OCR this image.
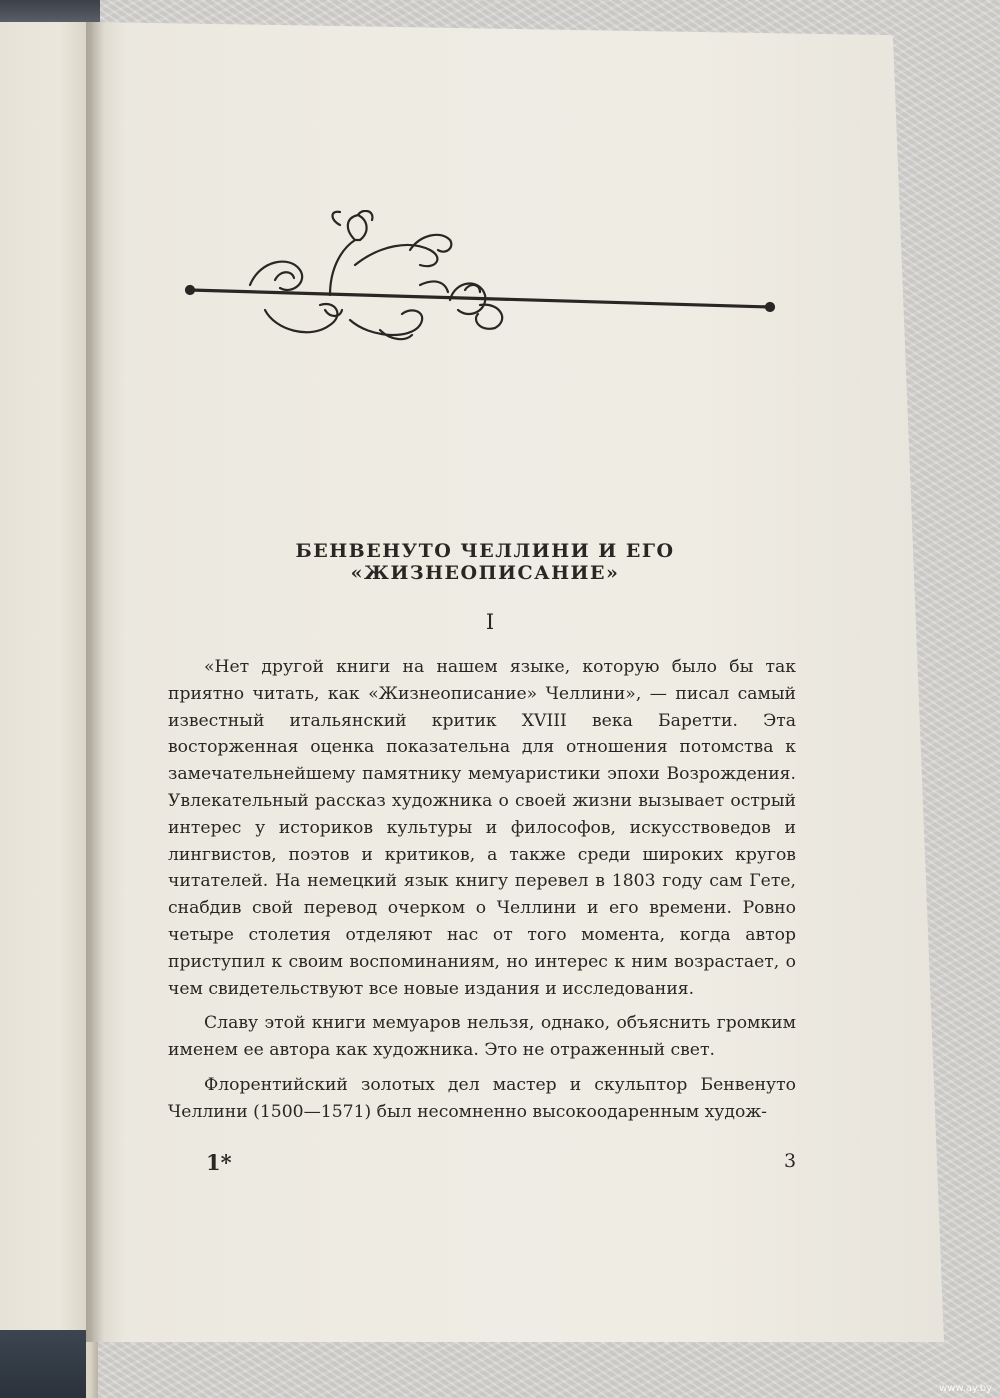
БЕНВЕНУТО ЧЕЛЛИНИ И ЕГО «ЖИЗНЕОПИСАНИЕ»
I

«Нет другой книги на нашем языке, которую было бы так приятно читать, как «Жизнеописание» Челлини», — писал самый известный итальянский критик XVIII века Баретти. Эта восторженная оценка показательна для отношения потомства к замечательнейшему памятнику мемуаристики эпохи Возрождения. Увлекательный рассказ художника о своей жизни вызывает острый интерес у историков культуры и философов, искусствоведов и лингвистов, поэтов и критиков, а также среди широких кругов читателей. На немецкий язык книгу перевел в 1803 году сам Гете, снабдив свой перевод очерком о Челлини и его времени. Ровно четыре столетия отделяют нас от того момента, когда автор приступил к своим воспоминаниям, но интерес к ним возрастает, о чем свидетельствуют все новые издания и исследования.

Славу этой книги мемуаров нельзя, однако, объяснить громким именем ее автора как художника. Это не отраженный свет.

Флорентийский золотых дел мастер и скульптор Бенвенуто Челлини (1500—1571) был несомненно высокоодаренным худож-

1*	3
www.ay.by
